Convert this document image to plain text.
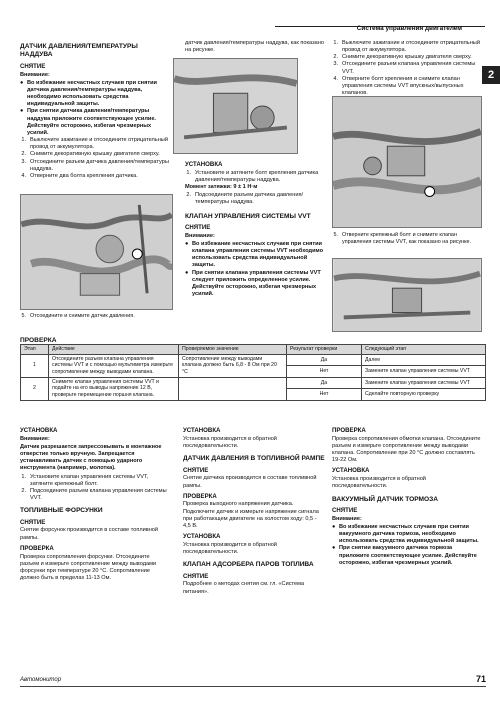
Система управления двигателем
2
ДАТЧИК ДАВЛЕНИЯ/ТЕМПЕРАТУРЫ НАДДУВА
СНЯТИЕ

Внимание:

● Во избежание несчастных случаев при снятии датчика давления/температуры наддува, необходимо использовать средства индивидуальной защиты.
● При снятии датчика давления/температуры наддува приложите соответствующее усилие. Действуйте осторожно, избегая чрезмерных усилий.
1. Выключите зажигание и отсоедините отрицательный провод от аккумулятора.
2. Снимите декоративную крышку двигателя сверху.
3. Отсоедините разъем датчика давления/температуры наддува.
4. Отверните два болта крепления датчика.
5. Отсоедините и снимите датчик давления.

датчик давления/температуры наддува, как показано на рисунке.

УСТАНОВКА
1. Установите и затяните болт крепления датчика давления/температуры наддува.

Момент затяжки: 9 ± 1 Н·м

2. Подсоедините разъем датчика давления/температуры наддува.
КЛАПАН УПРАВЛЕНИЯ СИСТЕМЫ VVT
СНЯТИЕ

Внимание:

● Во избежание несчастных случаев при снятии клапана управления системы VVT необходимо использовать средства индивидуальной защиты.
● При снятии клапана управления системы VVT следует приложить определенное усилие. Действуйте осторожно, избегая чрезмерных усилий.
1. Выключите зажигание и отсоедините отрицательный провод от аккумулятора.
2. Снимите декоративную крышку двигателя сверху.
3. Отсоедините разъем клапана управления системы VVT.
4. Отверните болт крепления и снимите клапан управления системы VVT впускных/выпускных клапанов.
5. Отверните крепежный болт и снимите клапан управления системы VVT, как показано на рисунке.
ПРОВЕРКА
Этап	Действие	Проверяемое значение	Результат проверки	Следующий этап
1	Отсоедините разъем клапана управления системы VVT и с помощью мультиметра измерьте сопротивление между выводами клапана.	Сопротивление между выводами клапана должно быть 6,8 - 8 Ом при 20 °С	Да	Далее
			Нет	Замените клапан управления системы VVT
2	Снимите клапан управления системы VVT и подайте на его выводы напряжение 12 В, проверьте перемещение поршня клапана.		Да	Замените клапан управления системы VVT
			Нет	Сделайте повторную проверку
УСТАНОВКА

Внимание:

Датчик разрешается запрессовывать в монтажное отверстие только вручную. Запрещается устанавливать датчик с помощью ударного инструмента (например, молотка).

1. Установите клапан управления системы VVT, затяните крепежный болт.
2. Подсоедините разъем клапана управления системы VVT.
ТОПЛИВНЫЕ ФОРСУНКИ
СНЯТИЕ

Снятие форсунок производится в составе топливной рампы.

ПРОВЕРКА

Проверка сопротивления форсунки. Отсоедините разъем и измерьте сопротивление между выводами форсунки при температуре 20 °С. Сопротивление должно быть в пределах 11-13 Ом.

УСТАНОВКА

Установка производится в обратной последовательности.

ДАТЧИК ДАВЛЕНИЯ В ТОПЛИВНОЙ РАМПЕ
СНЯТИЕ

Снятие датчика производится в составе топливной рампы.

ПРОВЕРКА

Проверка выходного напряжения датчика. Подключите датчик и измерьте напряжение сигнала при работающем двигателе на холостом ходу: 0,5 - 4,5 В.

УСТАНОВКА

Установка производится в обратной последовательности.

КЛАПАН АДСОРБЕРА ПАРОВ ТОПЛИВА
СНЯТИЕ

Подробнее о методах снятия см. гл. «Система питания».

ПРОВЕРКА

Проверка сопротивления обмотки клапана. Отсоедините разъем и измерьте сопротивление между выводами клапана. Сопротивление при 20 °С должно составлять 19-22 Ом.

УСТАНОВКА

Установка производится в обратной последовательности.

ВАКУУМНЫЙ ДАТЧИК ТОРМОЗА
СНЯТИЕ

Внимание:

● Во избежание несчастных случаев при снятии вакуумного датчика тормоза, необходимо использовать средства индивидуальной защиты.
● При снятии вакуумного датчика тормоза приложите соответствующее усилие. Действуйте осторожно, избегая чрезмерных усилий.
Автомонитор	71
